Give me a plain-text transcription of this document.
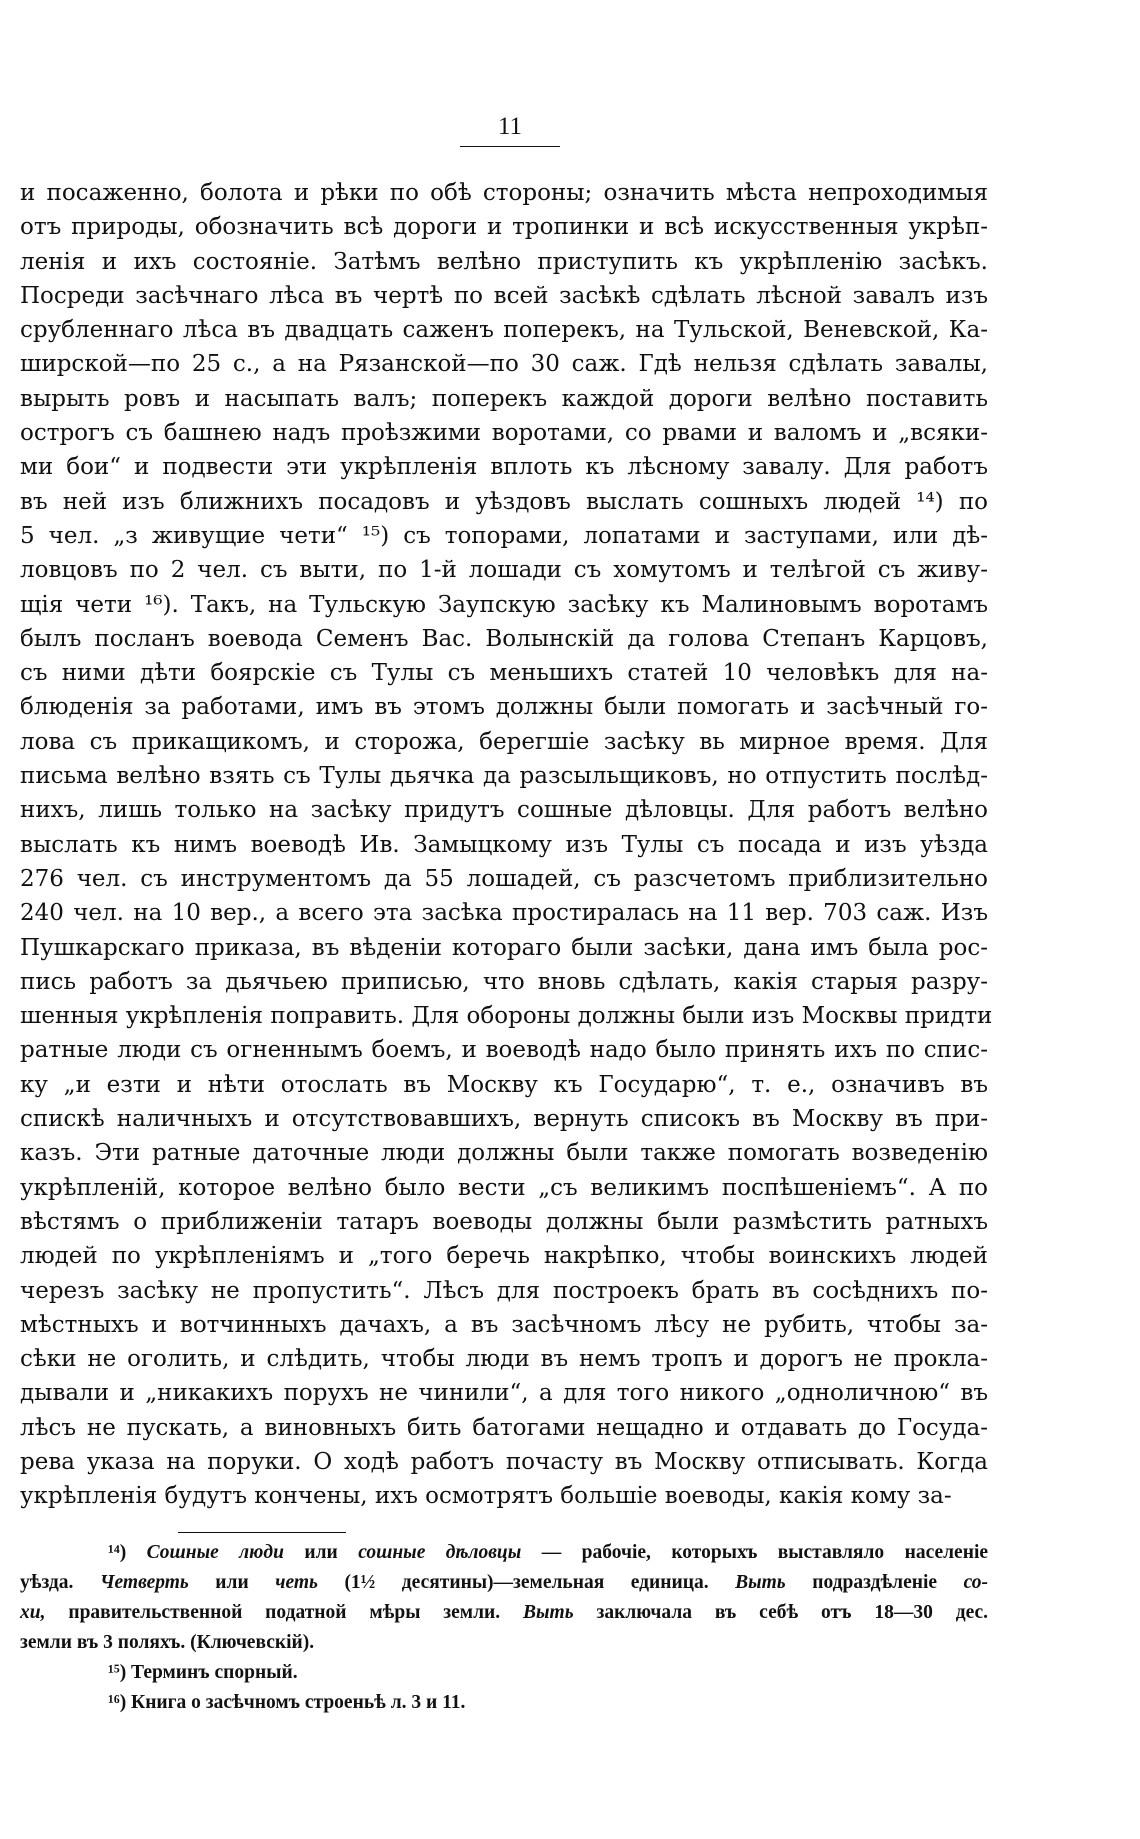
11
и посаженно, болота и рѣки по обѣ стороны; означить мѣста непроходимыя
отъ природы, обозначить всѣ дороги и тропинки и всѣ искусственныя укрѣп-
ленія и ихъ состояніе. Затѣмъ велѣно приступить къ укрѣпленію засѣкъ.
Посреди засѣчнаго лѣса въ чертѣ по всей засѣкѣ сдѣлать лѣсной завалъ изъ
срубленнаго лѣса въ двадцать саженъ поперекъ, на Тульской, Веневской, Ка-
ширской—по 25 с., а на Рязанской—по 30 саж. Гдѣ нельзя сдѣлать завалы,
вырыть ровъ и насыпать валъ; поперекъ каждой дороги велѣно поставить
острогъ съ башнею надъ проѣзжими воротами, со рвами и валомъ и „всяки-
ми бои“ и подвести эти укрѣпленія вплоть къ лѣсному завалу. Для работъ
въ ней изъ ближнихъ посадовъ и уѣздовъ выслать сошныхъ людей ¹⁴) по
5 чел. „з живущие чети“ ¹⁵) съ топорами, лопатами и заступами, или дѣ-
ловцовъ по 2 чел. съ выти, по 1-й лошади съ хомутомъ и телѣгой съ живу-
щія чети ¹⁶). Такъ, на Тульскую Заупскую засѣку къ Малиновымъ воротамъ
былъ посланъ воевода Семенъ Вас. Волынскій да голова Степанъ Карцовъ,
съ ними дѣти боярскіе съ Тулы съ меньшихъ статей 10 человѣкъ для на-
блюденія за работами, имъ въ этомъ должны были помогать и засѣчный го-
лова съ прикащикомъ, и сторожа, берегшіе засѣку вь мирное время. Для
письма велѣно взять съ Тулы дьячка да разсыльщиковъ, но отпустить послѣд-
нихъ, лишь только на засѣку придутъ сошные дѣловцы. Для работъ велѣно
выслать къ нимъ воеводѣ Ив. Замыцкому изъ Тулы съ посада и изъ уѣзда
276 чел. съ инструментомъ да 55 лошадей, съ разсчетомъ приблизительно
240 чел. на 10 вер., а всего эта засѣка простиралась на 11 вер. 703 саж. Изъ
Пушкарскаго приказа, въ вѣденіи котораго были засѣки, дана имъ была рос-
пись работъ за дьячьею приписью, что вновь сдѣлать, какія старыя разру-
шенныя укрѣпленія поправить. Для обороны должны были изъ Москвы придти
ратные люди съ огненнымъ боемъ, и воеводѣ надо было принять ихъ по спис-
ку „и езти и нѣти отослать въ Москву къ Государю“, т. е., означивъ въ
спискѣ наличныхъ и отсутствовавшихъ, вернуть списокъ въ Москву въ при-
казъ. Эти ратные даточные люди должны были также помогать возведенію
укрѣпленій, которое велѣно было вести „съ великимъ поспѣшеніемъ“. А по
вѣстямъ о приближеніи татаръ воеводы должны были размѣстить ратныхъ
людей по укрѣпленіямъ и „того беречь накрѣпко, чтобы воинскихъ людей
черезъ засѣку не пропустить“. Лѣсъ для построекъ брать въ сосѣднихъ по-
мѣстныхъ и вотчинныхъ дачахъ, а въ засѣчномъ лѣсу не рубить, чтобы за-
сѣки не оголить, и слѣдить, чтобы люди въ немъ тропъ и дорогъ не прокла-
дывали и „никакихъ порухъ не чинили“, а для того никого „одноличною“ въ
лѣсъ не пускать, а виновныхъ бить батогами нещадно и отдавать до Госуда-
рева указа на поруки. О ходѣ работъ почасту въ Москву отписывать. Когда
укрѣпленія будутъ кончены, ихъ осмотрятъ большіе воеводы, какія кому за-
¹⁴) Сошные люди или сошные дѣловцы — рабочіе, которыхъ выставляло населеніе
уѣзда. Четверть или четь (1½ десятины)—земельная единица. Выть подраздѣленіе со-
хи, правительственной податной мѣры земли. Выть заключала въ себѣ отъ 18—30 дес.
земли въ 3 поляхъ. (Ключевскій).
¹⁵) Терминъ спорный.
¹⁶) Книга о засѣчномъ строеньѣ л. 3 и 11.
